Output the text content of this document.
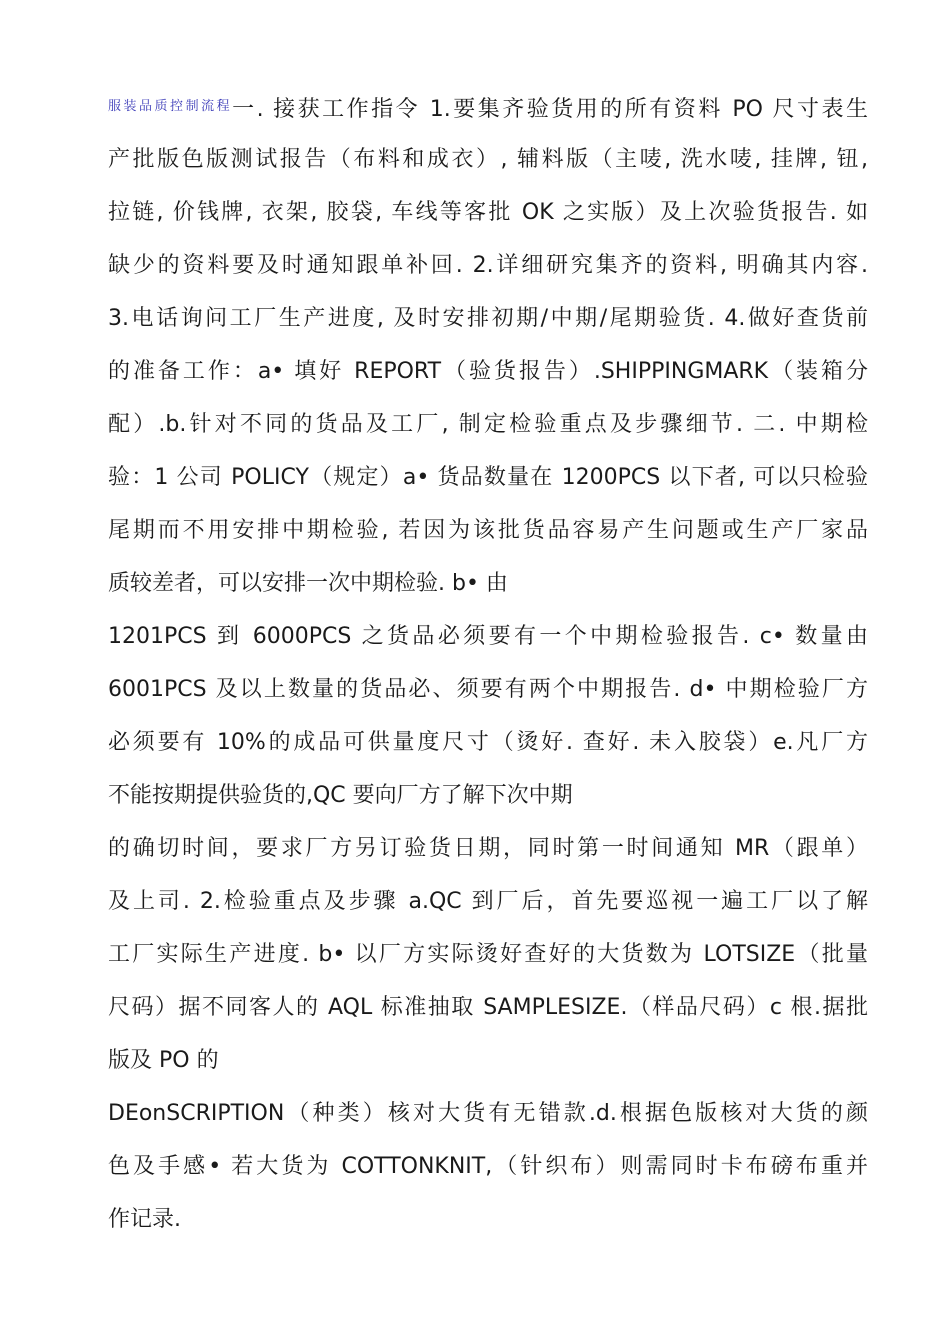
$^{服装品质控制流程}$一. 接获工作指令 1.要集齐验货用的所有资料 PO 尺寸表生
产批版色版测试报告（布料和成衣）, 辅料版（主唛, 洗水唛, 挂牌, 钮,
拉链, 价钱牌, 衣架, 胶袋, 车线等客批 OK 之实版）及上次验货报告. 如
缺少的资料要及时通知跟单补回. 2.详细研究集齐的资料, 明确其内容.
3.电话询问工厂生产进度, 及时安排初期/中期/尾期验货. 4.做好查货前
的准备工作：a• 填好 REPORT（验货报告）.SHIPPINGMARK（装箱分
配）.b.针对不同的货品及工厂, 制定检验重点及步骤细节. 二. 中期检
验：1 公司 POLICY（规定）a• 货品数量在 1200PCS 以下者, 可以只检验
尾期而不用安排中期检验, 若因为该批货品容易产生问题或生产厂家品
质较差者，可以安排一次中期检验. b• 由
1201PCS 到 6000PCS 之货品必须要有一个中期检验报告. c• 数量由
6001PCS 及以上数量的货品必、须要有两个中期报告. d• 中期检验厂方
必须要有 10%的成品可供量度尺寸（烫好. 查好. 未入胶袋）e.凡厂方
不能按期提供验货的,QC 要向厂方了解下次中期
的确切时间，要求厂方另订验货日期，同时第一时间通知 MR（跟单）
及上司. 2.检验重点及步骤 a.QC 到厂后，首先要巡视一遍工厂以了解
工厂实际生产进度. b• 以厂方实际烫好查好的大货数为 LOTSIZE（批量
尺码）据不同客人的 AQL 标准抽取 SAMPLESIZE.（样品尺码）c 根.据批
版及 PO 的
DEonSCRIPTION（种类）核对大货有无错款.d.根据色版核对大货的颜
色及手感• 若大货为 COTTONKNIT,（针织布）则需同时卡布磅布重并
作记录.
